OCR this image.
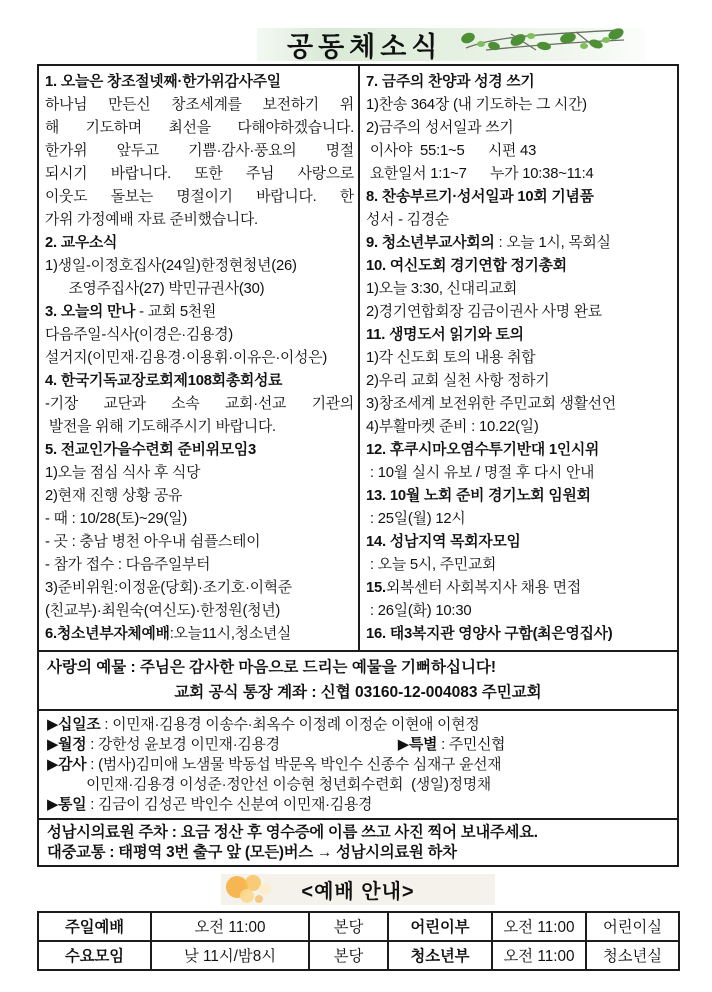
공동체소식
1. 오늘은 창조절넷째·한가위감사주일
하나님 만든신 창조세계를 보전하기 위
해 기도하며 최선을 다해야하겠습니다.
한가위 앞두고 기쁨·감사·풍요의 명절
되시기 바랍니다. 또한 주님 사랑으로
이웃도 돌보는 명절이기 바랍니다. 한
가위 가정예배 자료 준비했습니다.
2. 교우소식
1)생일-이정호집사(24일)한정현청년(26)
조영주집사(27) 박민규권사(30)
3. 오늘의 만나 - 교회 5천원
다음주일-식사(이경은·김용경)
설거지(이민재·김용경·이용휘·이유은·이성은)
4. 한국기독교장로회제108회총회성료
-기장 교단과 소속 교회·선교 기관의
발전을 위해 기도해주시기 바랍니다.
5. 전교인가을수련회 준비위모임3
1)오늘 점심 식사 후 식당
2)현재 진행 상황 공유
- 때 : 10/28(토)~29(일)
- 곳 : 충남 병천 아우내 쉼플스테이
- 참가 접수 : 다음주일부터
3)준비위원:이정윤(당회)·조기호·이혁준
(친교부)·최원숙(여신도)·한정원(청년)
6.청소년부자체예배:오늘11시,청소년실
7. 금주의 찬양과 성경 쓰기
1)찬송 364장 (내 기도하는 그 시간)
2)금주의 성서일과 쓰기
이사야  55:1~5      시편 43
요한일서 1:1~7      누가 10:38~11:4
8. 찬송부르기·성서일과 10회 기념품
성서 - 김경순
9. 청소년부교사회의 : 오늘 1시, 목회실
10. 여신도회 경기연합 정기총회
1)오늘 3:30, 신대리교회
2)경기연합회장 김금이권사 사명 완료
11. 생명도서 읽기와 토의
1)각 신도회 토의 내용 취합
2)우리 교회 실천 사항 정하기
3)창조세계 보전위한 주민교회 생활선언
4)부활마켓 준비 : 10.22(일)
12. 후쿠시마오염수투기반대 1인시위
: 10월 실시 유보 / 명절 후 다시 안내
13. 10월 노회 준비 경기노회 임원회
: 25일(월) 12시
14. 성남지역 목회자모임
: 오늘 5시, 주민교회
15.외복센터 사회복지사 채용 면접
: 26일(화) 10:30
16. 태3복지관 영양사 구함(최은영집사)
사랑의 예물 : 주님은 감사한 마음으로 드리는 예물을 기뻐하십니다!
교회 공식 통장 계좌 : 신협 03160-12-004083 주민교회
▶십일조 : 이민재·김용경 이송수·최옥수 이정례 이정순 이현애 이현정
▶월정 : 강한성 윤보경 이민재·김용경	▶특별 : 주민신협
▶감사 : (범사)김미애 노샘물 박동섭 박문옥 박인수 신종수 심재구 윤선재
이민재·김용경 이성준·정안선 이승현 청년회수련회  (생일)정명채
▶통일 : 김금이 김성곤 박인수 신분여 이민재·김용경
성남시의료원 주차 : 요금 정산 후 영수증에 이름 쓰고 사진 찍어 보내주세요.
대중교통 : 태평역 3번 출구 앞 (모든)버스 → 성남시의료원 하차
<예배 안내>
주일예배	오전 11:00	본당	어린이부	오전 11:00	어린이실
수요모임	낮 11시/밤8시	본당	청소년부	오전 11:00	청소년실
